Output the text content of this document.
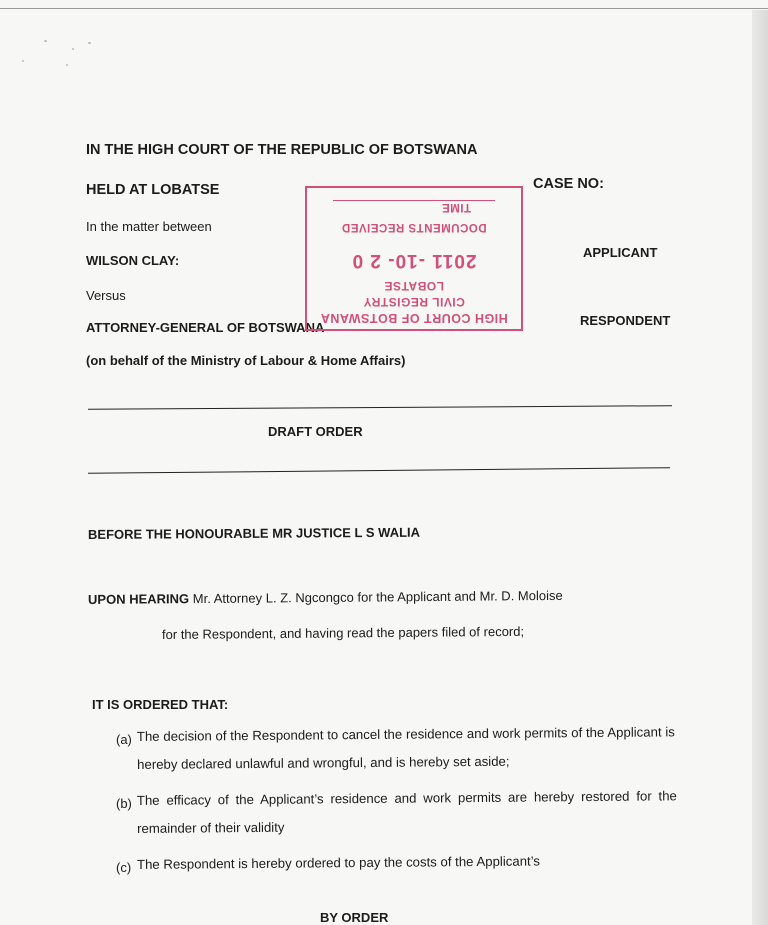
IN THE HIGH COURT OF THE REPUBLIC OF BOTSWANA
HELD AT LOBATSE	CASE NO:
In the matter between
WILSON CLAY:
APPLICANT
Versus
ATTORNEY-GENERAL OF BOTSWANA	RESPONDENT
(on behalf of the Ministry of Labour & Home Affairs)
HIGH COURT OF BOTSWANA
CIVIL REGISTRY
LOBATSE
2011 -10- 2 0
DOCUMENTS RECEIVED
TIME
DRAFT ORDER
BEFORE THE HONOURABLE MR JUSTICE L S WALIA
UPON HEARING Mr. Attorney L. Z. Ngcongco for the Applicant and Mr. D. Moloise
for the Respondent, and having read the papers filed of record;
IT IS ORDERED THAT:
(a) The decision of the Respondent to cancel the residence and work permits of the Applicant is hereby declared unlawful and wrongful, and is hereby set aside;
(b) The efficacy of the Applicant’s residence and work permits are hereby restored for the remainder of their validity
(c) The Respondent is hereby ordered to pay the costs of the Applicant’s
BY ORDER
